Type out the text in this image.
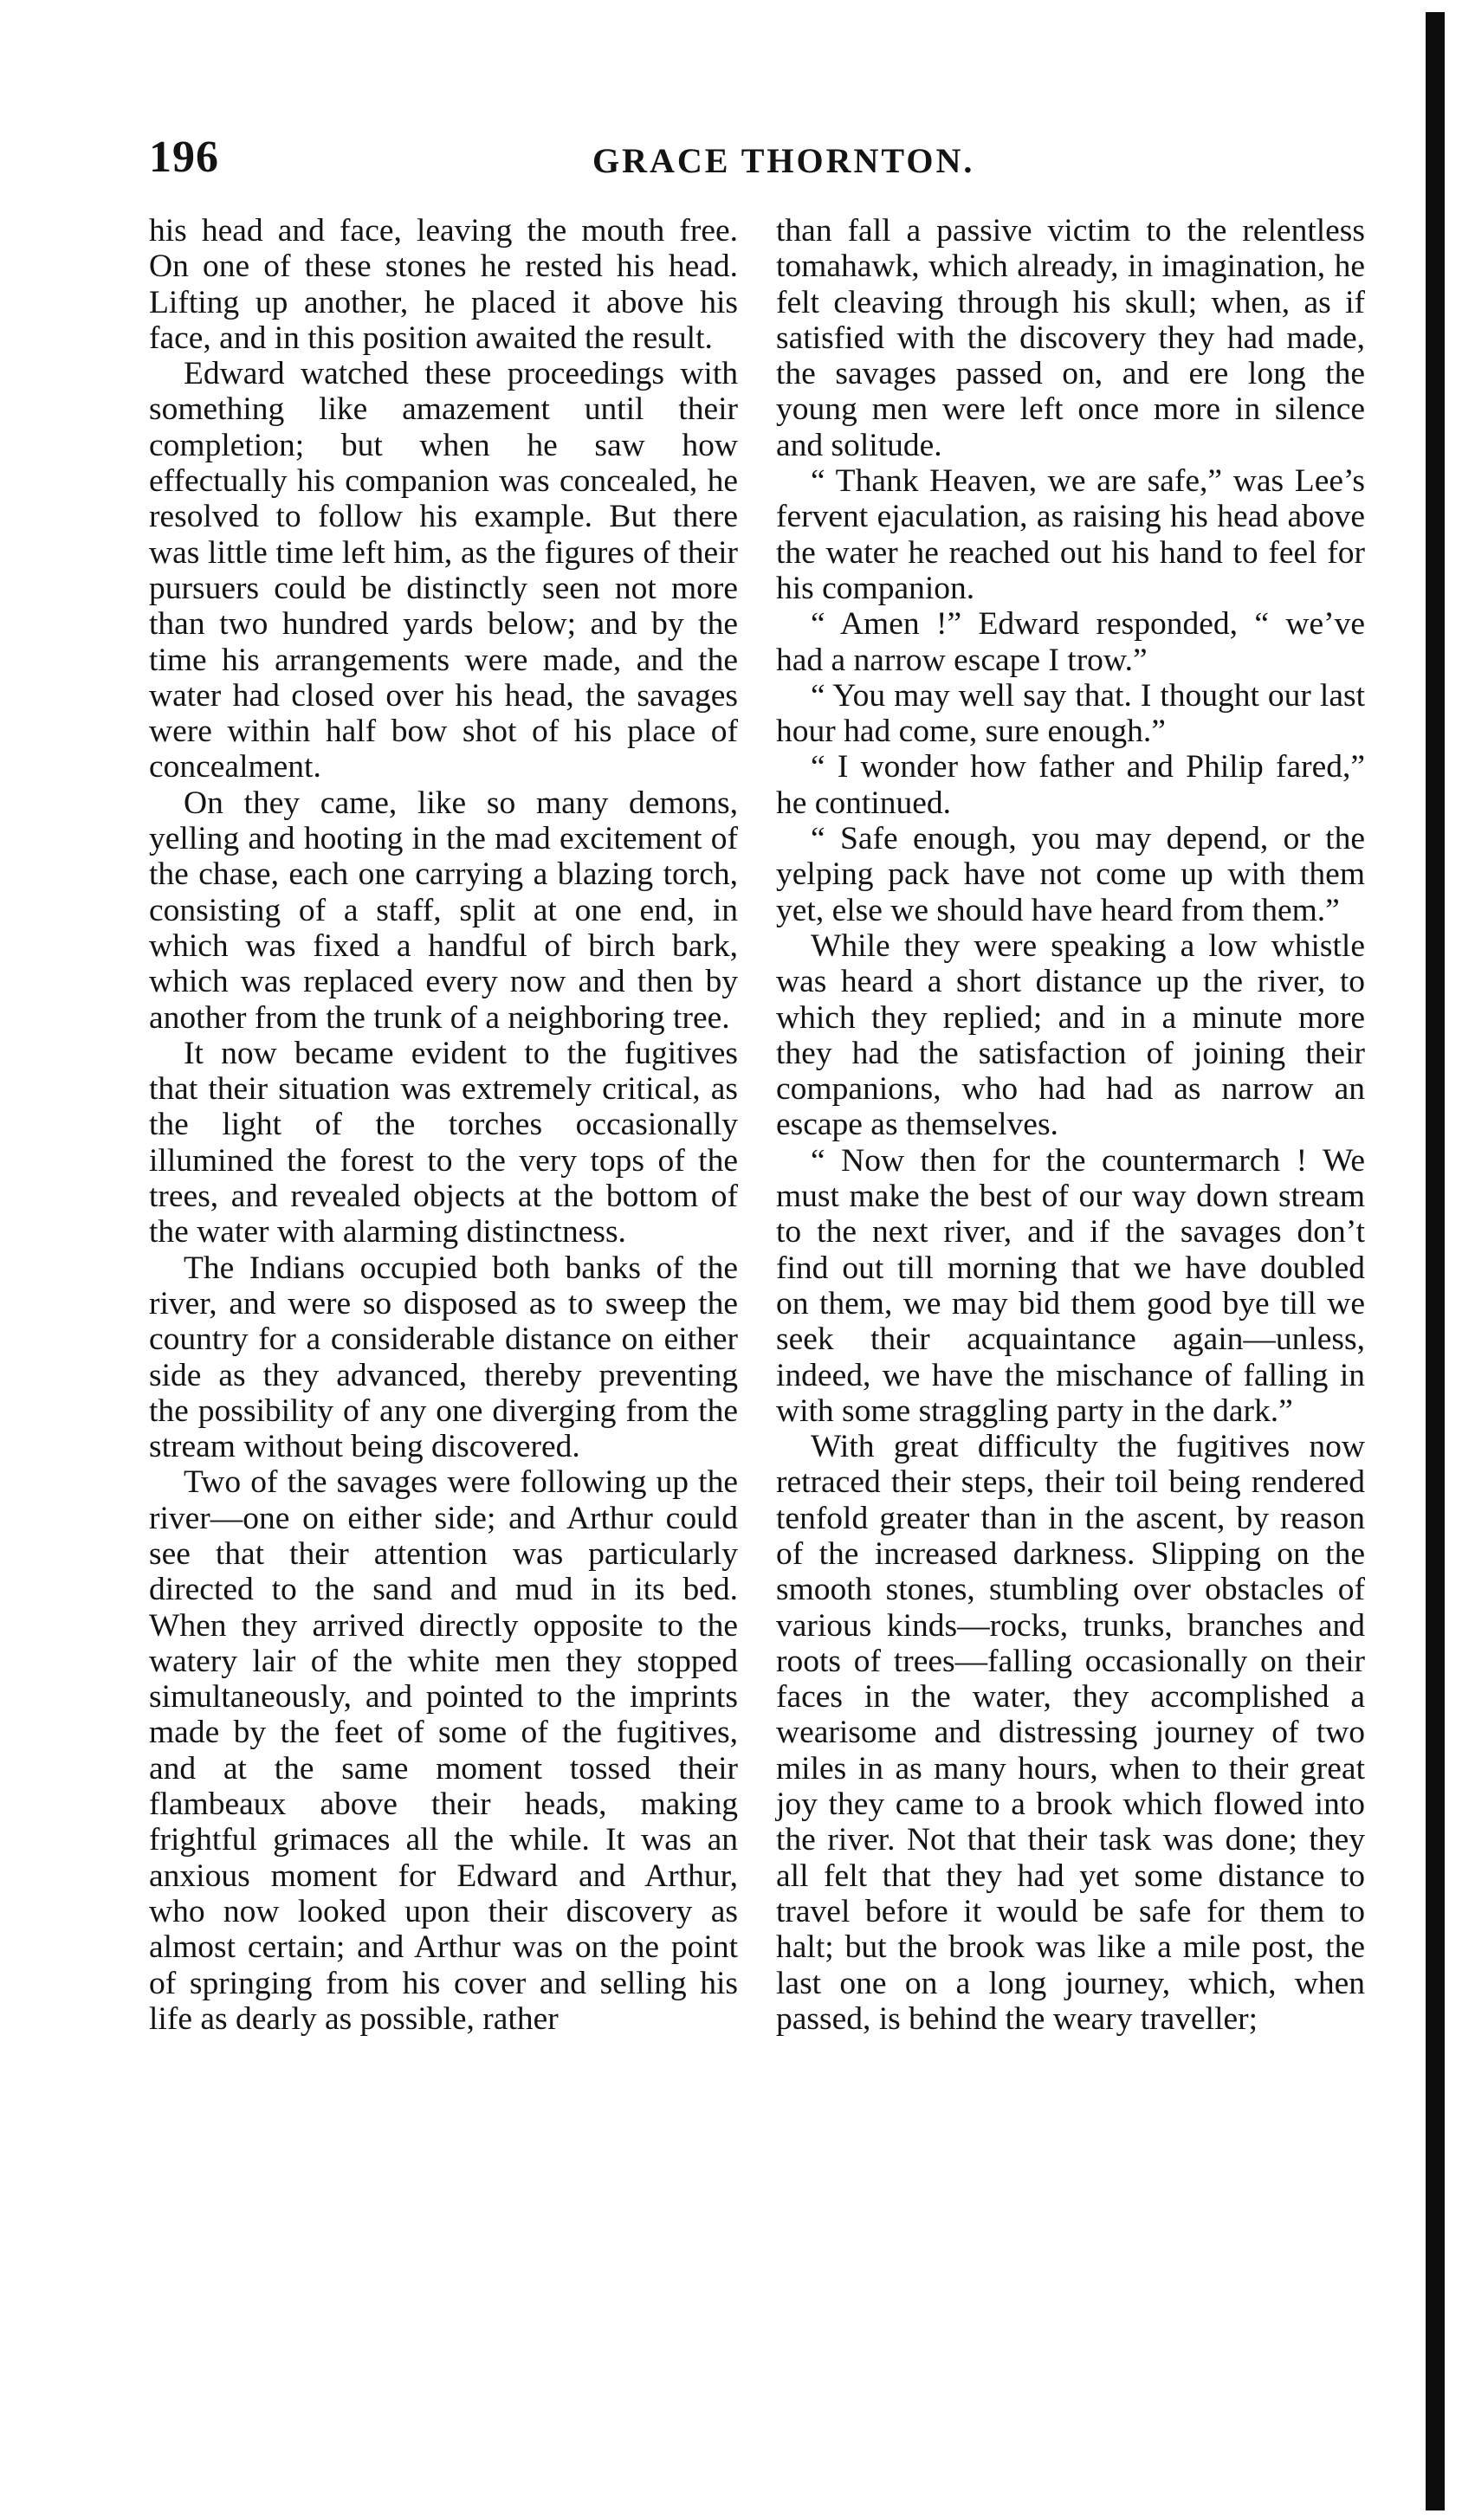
196	GRACE THORNTON.

his head and face, leaving the mouth free. On one of these stones he rested his head. Lifting up another, he placed it above his face, and in this position awaited the result.

Edward watched these proceedings with something like amazement until their completion; but when he saw how effectually his companion was concealed, he resolved to follow his example. But there was little time left him, as the figures of their pursuers could be distinctly seen not more than two hundred yards below; and by the time his arrangements were made, and the water had closed over his head, the savages were within half bow shot of his place of concealment.

On they came, like so many demons, yelling and hooting in the mad excitement of the chase, each one carrying a blazing torch, consisting of a staff, split at one end, in which was fixed a handful of birch bark, which was replaced every now and then by another from the trunk of a neighboring tree.

It now became evident to the fugitives that their situation was extremely critical, as the light of the torches occasionally illumined the forest to the very tops of the trees, and revealed objects at the bottom of the water with alarming distinctness.

The Indians occupied both banks of the river, and were so disposed as to sweep the country for a considerable distance on either side as they advanced, thereby preventing the possibility of any one diverging from the stream without being discovered.

Two of the savages were following up the river—one on either side; and Arthur could see that their attention was particularly directed to the sand and mud in its bed. When they arrived directly opposite to the watery lair of the white men they stopped simultaneously, and pointed to the imprints made by the feet of some of the fugitives, and at the same moment tossed their flambeaux above their heads, making frightful grimaces all the while. It was an anxious moment for Edward and Arthur, who now looked upon their discovery as almost certain; and Arthur was on the point of springing from his cover and selling his life as dearly as possible, rather

than fall a passive victim to the relentless tomahawk, which already, in imagination, he felt cleaving through his skull; when, as if satisfied with the discovery they had made, the savages passed on, and ere long the young men were left once more in silence and solitude.

“ Thank Heaven, we are safe,” was Lee’s fervent ejaculation, as raising his head above the water he reached out his hand to feel for his companion.

“ Amen !” Edward responded, “ we’ve had a narrow escape I trow.”

“ You may well say that. I thought our last hour had come, sure enough.”

“ I wonder how father and Philip fared,” he continued.

“ Safe enough, you may depend, or the yelping pack have not come up with them yet, else we should have heard from them.”

While they were speaking a low whistle was heard a short distance up the river, to which they replied; and in a minute more they had the satisfaction of joining their companions, who had had as narrow an escape as themselves.

“ Now then for the countermarch ! We must make the best of our way down stream to the next river, and if the savages don’t find out till morning that we have doubled on them, we may bid them good bye till we seek their acquaintance again—unless, indeed, we have the mischance of falling in with some straggling party in the dark.”

With great difficulty the fugitives now retraced their steps, their toil being rendered tenfold greater than in the ascent, by reason of the increased darkness. Slipping on the smooth stones, stumbling over obstacles of various kinds—rocks, trunks, branches and roots of trees—falling occasionally on their faces in the water, they accomplished a wearisome and distressing journey of two miles in as many hours, when to their great joy they came to a brook which flowed into the river. Not that their task was done; they all felt that they had yet some distance to travel before it would be safe for them to halt; but the brook was like a mile post, the last one on a long journey, which, when passed, is behind the weary traveller;
